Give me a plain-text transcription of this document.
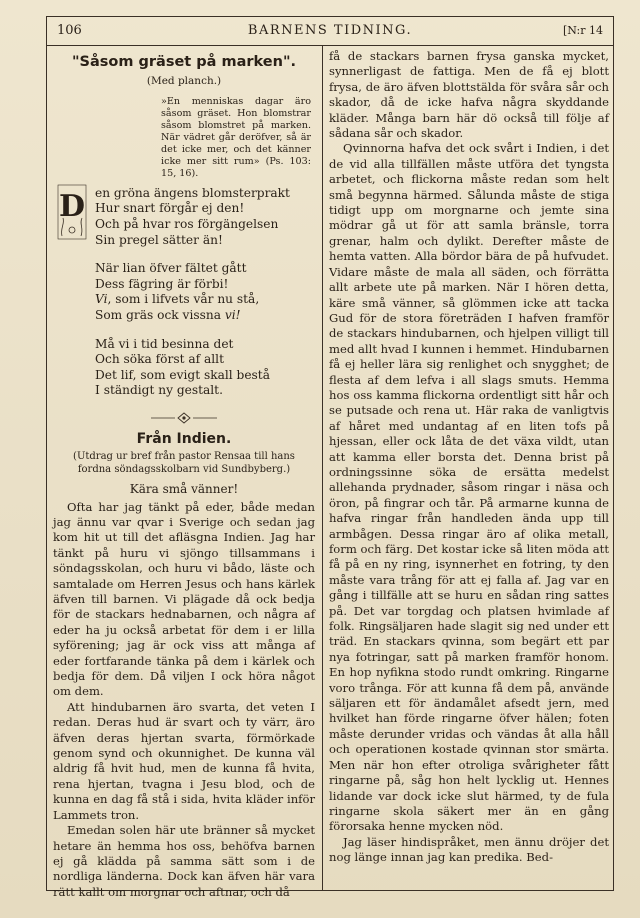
106	BARNENS TIDNING.	[N:r 14
"Såsom gräset på marken".
(Med planch.)

»En menniskas dagar äro såsom gräset. Hon blomstrar såsom blomstret på marken. När vädret går deröfver, så är det icke mer, och det känner icke mer sitt rum» (Ps. 103: 15, 16).

D en gröna ängens blomsterprakt
Hur snart förgår ej den!
Och på hvar ros förgängelsen
Sin pregel sätter än!
När lian öfver fältet gått
Dess fägring är förbi!
Vi, som i lifvets vår nu stå,
Som gräs ock vissna vi!
Må vi i tid besinna det
Och söka först af allt
Det lif, som evigt skall bestå
I ständigt ny gestalt.
Från Indien.
(Utdrag ur bref från pastor Rensaa till hans fordna söndagsskolbarn vid Sundbyberg.)
Kära små vänner!

Ofta har jag tänkt på eder, både medan jag ännu var qvar i Sverige och sedan jag kom hit ut till det afläsgna Indien. Jag har tänkt på huru vi sjöngo tillsammans i söndagsskolan, och huru vi bådo, läste och samtalade om Herren Jesus och hans kärlek äfven till barnen. Vi plägade då ock bedja för de stackars hednabarnen, och några af eder ha ju också arbetat för dem i er lilla syförening; jag är ock viss att många af eder fortfarande tänka på dem i kärlek och bedja för dem. Då viljen I ock höra något om dem.

Att hindubarnen äro svarta, det veten I redan. Deras hud är svart och ty värr, äro äfven deras hjertan svarta, förmörkade genom synd och okunnighet. De kunna väl aldrig få hvit hud, men de kunna få hvita, rena hjertan, tvagna i Jesu blod, och de kunna en dag få stå i sida, hvita kläder inför Lammets tron.

Emedan solen här ute bränner så mycket hetare än hemma hos oss, behöfva barnen ej gå klädda på samma sätt som i de nordliga länderna. Dock kan äfven här vara rätt kallt om morgnar och aftnar, och då

få de stackars barnen frysa ganska mycket, synnerligast de fattiga. Men de få ej blott frysa, de äro äfven blottstälda för svåra sår och skador, då de icke hafva några skyddande kläder. Många barn här dö också till följe af sådana sår och skador.

Qvinnorna hafva det ock svårt i Indien, i det de vid alla tillfällen måste utföra det tyngsta arbetet, och flickorna måste redan som helt små begynna härmed. Sålunda måste de stiga tidigt upp om morgnarne och jemte sina mödrar gå ut för att samla bränsle, torra grenar, halm och dylikt. Derefter måste de hemta vatten. Alla bördor bära de på hufvudet. Vidare måste de mala all säden, och förrätta allt arbete ute på marken. När I hören detta, käre små vänner, så glömmen icke att tacka Gud för de stora företräden I hafven framför de stackars hindubarnen, och hjelpen villigt till med allt hvad I kunnen i hemmet. Hindubarnen få ej heller lära sig renlighet och snygghet; de flesta af dem lefva i all slags smuts. Hemma hos oss kamma flickorna ordentligt sitt hår och se putsade och rena ut. Här raka de vanligtvis af håret med undantag af en liten tofs på hjessan, eller ock låta de det växa vildt, utan att kamma eller borsta det. Denna brist på ordningssinne söka de ersätta medelst allehanda prydnader, såsom ringar i näsa och öron, på fingrar och tår. På armarne kunna de hafva ringar från handleden ända upp till armbågen. Dessa ringar äro af olika metall, form och färg. Det kostar icke så liten möda att få på en ny ring, isynnerhet en fotring, ty den måste vara trång för att ej falla af. Jag var en gång i tillfälle att se huru en sådan ring sattes på. Det var torgdag och platsen hvimlade af folk. Ringsäljaren hade slagit sig ned under ett träd. En stackars qvinna, som begärt ett par nya fotringar, satt på marken framför honom. En hop nyfikna stodo rundt omkring. Ringarne voro trånga. För att kunna få dem på, använde säljaren ett för ändamålet afsedt jern, med hvilket han förde ringarne öfver hälen; foten måste derunder vridas och vändas åt alla håll och operationen kostade qvinnan stor smärta. Men när hon efter otroliga svårigheter fått ringarne på, såg hon helt lycklig ut. Hennes lidande var dock icke slut härmed, ty de fula ringarne skola säkert mer än en gång förorsaka henne mycken nöd.

Jag läser hindispråket, men ännu dröjer det nog länge innan jag kan predika. Bed-
